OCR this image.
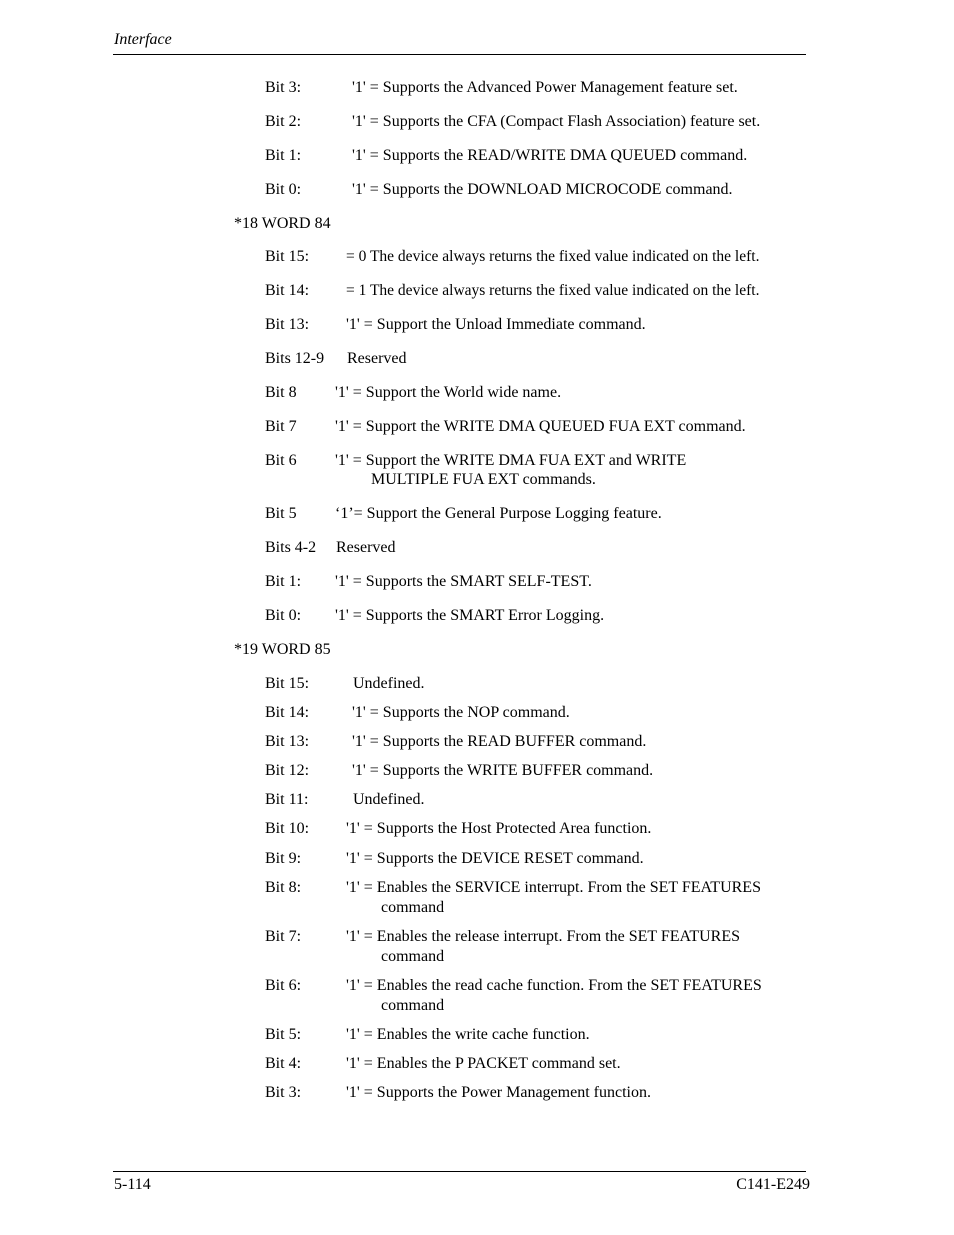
Interface
Bit 3:	'1' = Supports the Advanced Power Management feature set.
Bit 2:	'1' = Supports the CFA (Compact Flash Association) feature set.
Bit 1:	'1' = Supports the READ/WRITE DMA QUEUED command.
Bit 0:	'1' = Supports the DOWNLOAD MICROCODE command.
*18 WORD 84
Bit 15: = 0 The device always returns the fixed value indicated on the left.
Bit 14: = 1 The device always returns the fixed value indicated on the left.
Bit 13: '1' = Support the Unload Immediate command.
Bits 12-9 Reserved
Bit 8 '1' = Support the World wide name.
Bit 7 '1' = Support the WRITE DMA QUEUED FUA EXT command.
Bit 6 '1' = Support the WRITE DMA FUA EXT and WRITE
MULTIPLE FUA EXT commands.
Bit 5 ‘1’= Support the General Purpose Logging feature.
Bits 4-2 Reserved
Bit 1: '1' = Supports the SMART SELF-TEST.
Bit 0: '1' = Supports the SMART Error Logging.
*19 WORD 85
Bit 15:	Undefined.
Bit 14:	'1' = Supports the NOP command.
Bit 13:	'1' = Supports the READ BUFFER command.
Bit 12:	'1' = Supports the WRITE BUFFER command.
Bit 11:	Undefined.
Bit 10: '1' = Supports the Host Protected Area function.
Bit 9:	'1' = Supports the DEVICE RESET command.
Bit 8:	'1' = Enables the SERVICE interrupt. From the SET FEATURES
command
Bit 7:	'1' = Enables the release interrupt. From the SET FEATURES
command
Bit 6:	'1' = Enables the read cache function. From the SET FEATURES
command
Bit 5:	'1' = Enables the write cache function.
Bit 4:	'1' = Enables the P PACKET command set.
Bit 3:	'1' = Supports the Power Management function.
5-114	C141-E249
